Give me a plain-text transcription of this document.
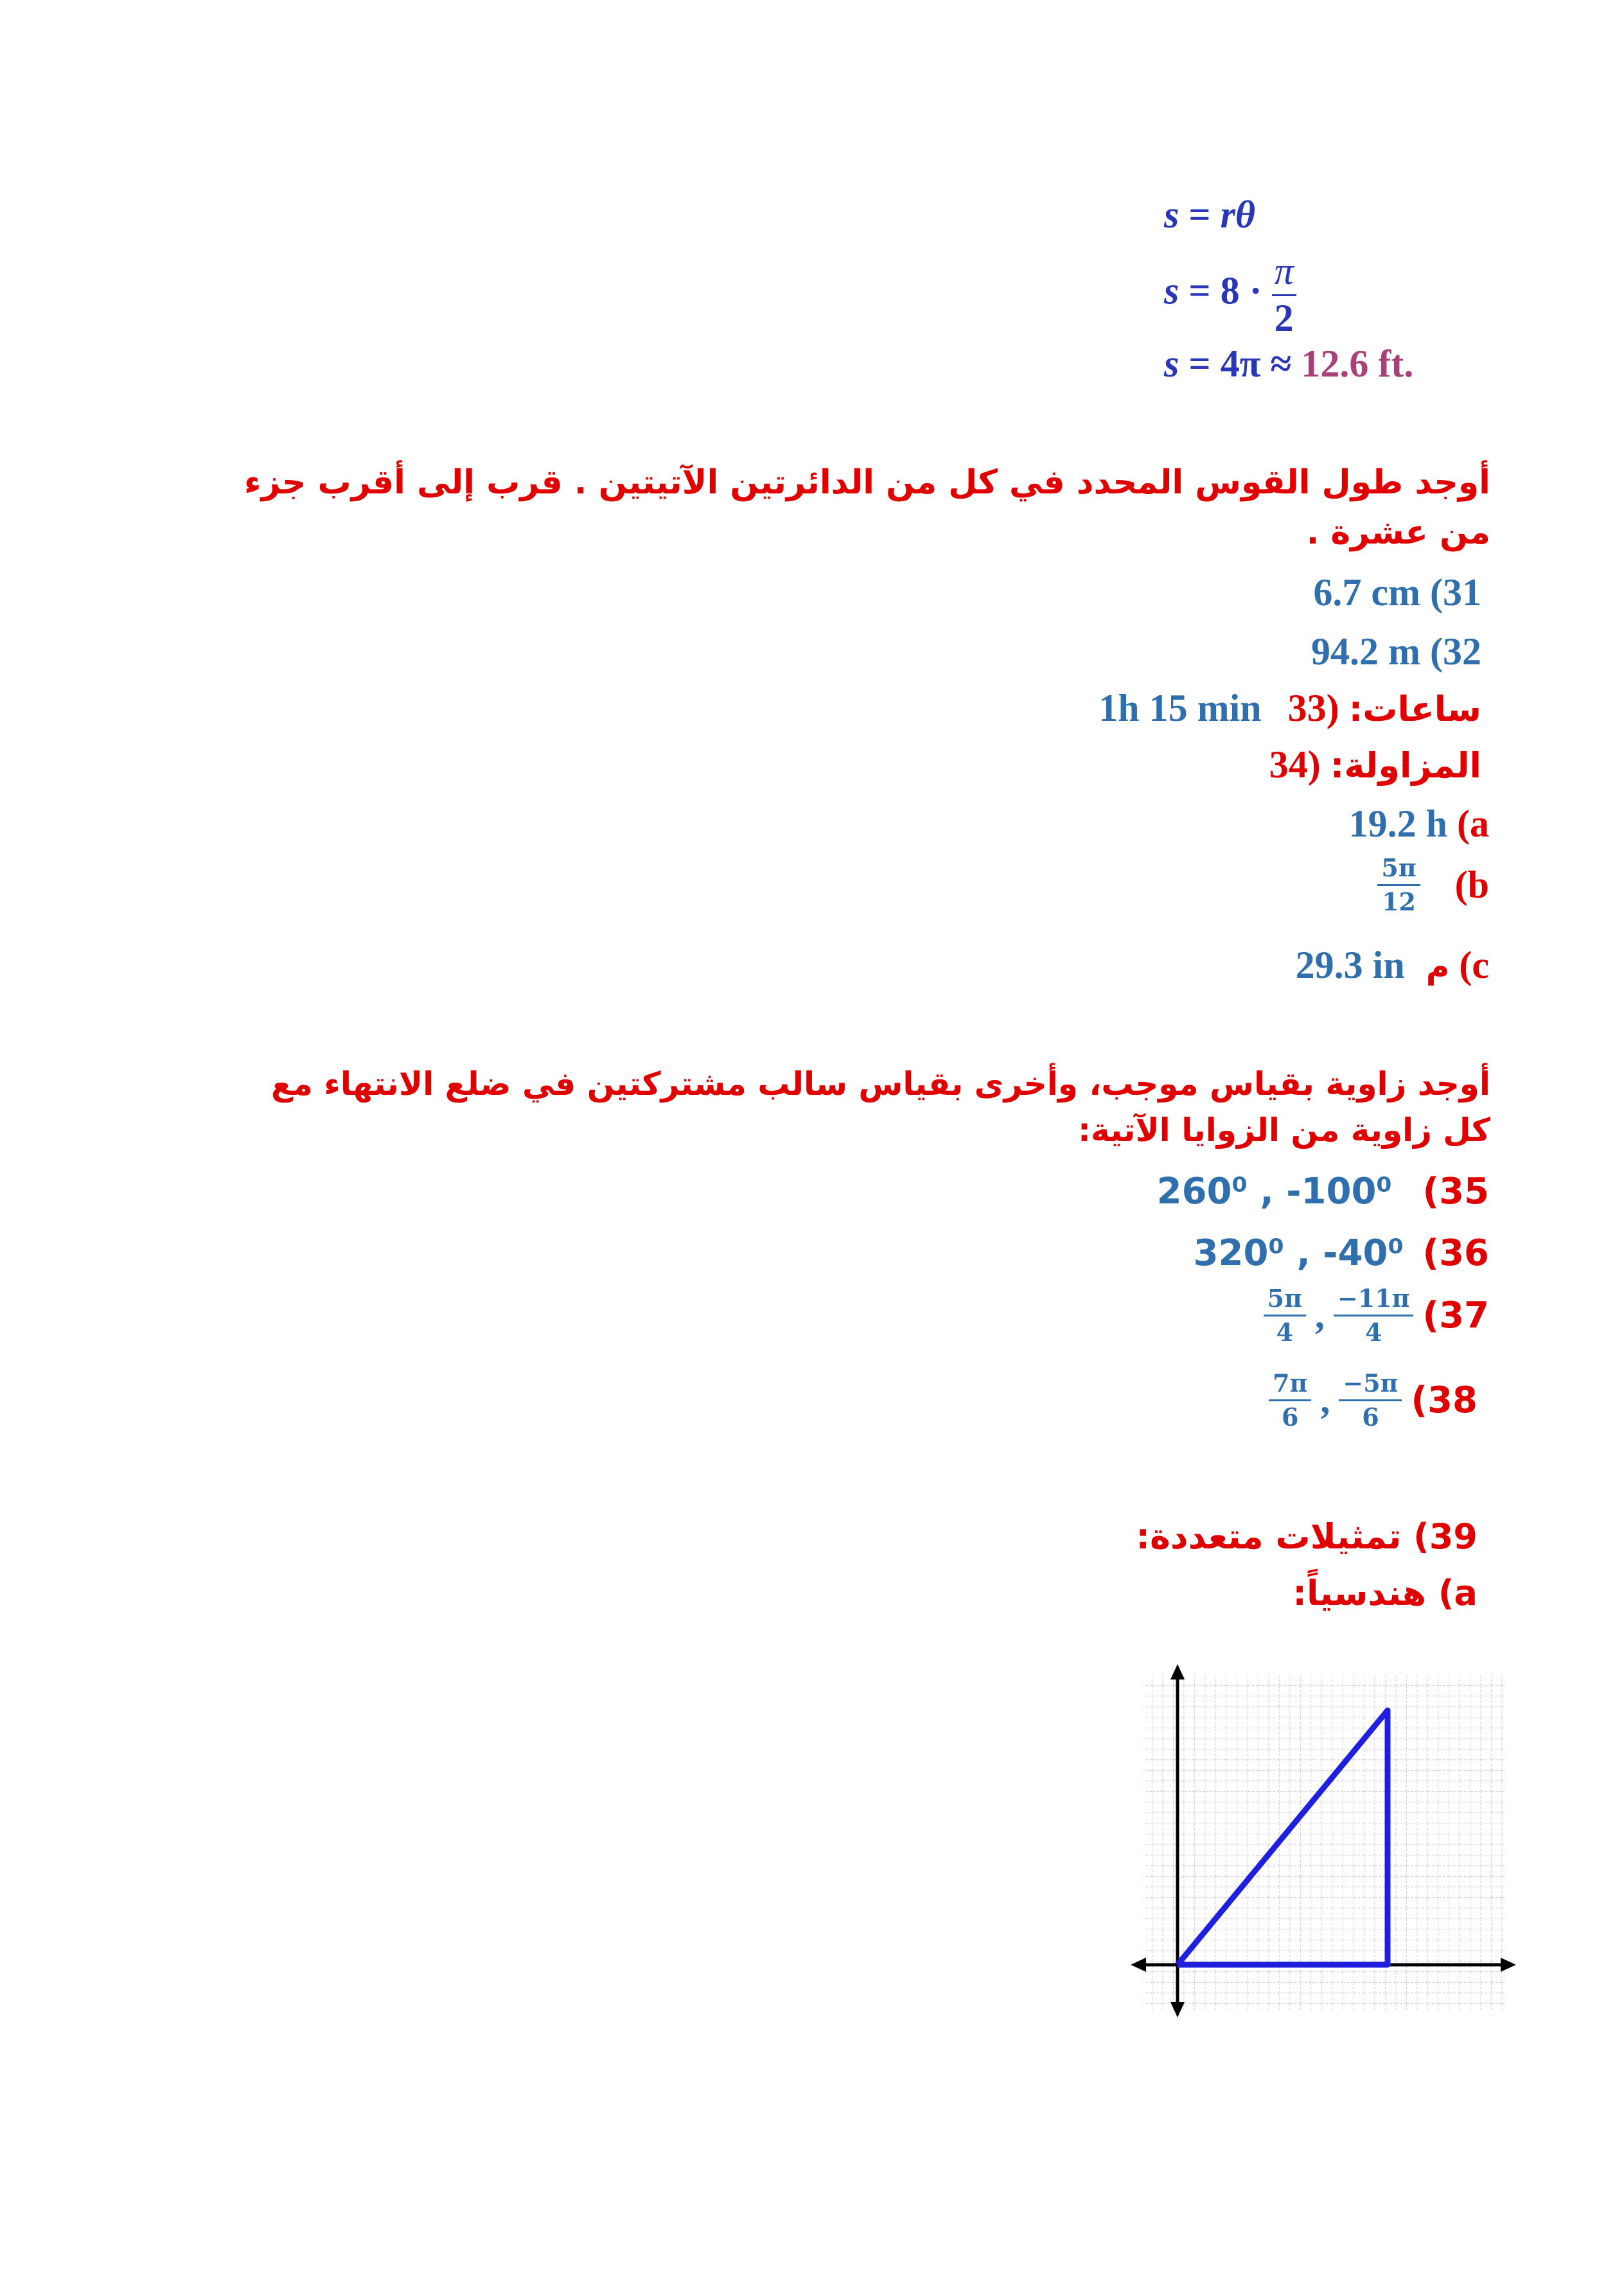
s = rθ
$s = 8 \cdot \frac{\pi}{2}$
s = 4π ≈ 12.6 ft.
أوجد طول القوس المحدد في كل من الدائرتين الآتيتين . قرب إلى أقرب جزء من عشرة .
6.7 cm (31
94.2 m (32
1h 15 min	ساعات: (33
المزاولة: (34
19.2 h (a
$\frac{5\pi}{12} (b$
29.3 in م (c
أوجد زاوية بقياس موجب، وأخرى بقياس سالب مشتركتين في ضلع الانتهاء مع
كل زاوية من الزوايا الآتية:
260⁰ , -100⁰ (35
320⁰ , -40⁰ (36
$\frac{5\pi}{4}$ , $\frac{-11\pi}{4} (37$
$\frac{7\pi}{6}$ , $\frac{-5\pi}{6} (38$
39) تمثيلات متعددة:
a) هندسياً:
